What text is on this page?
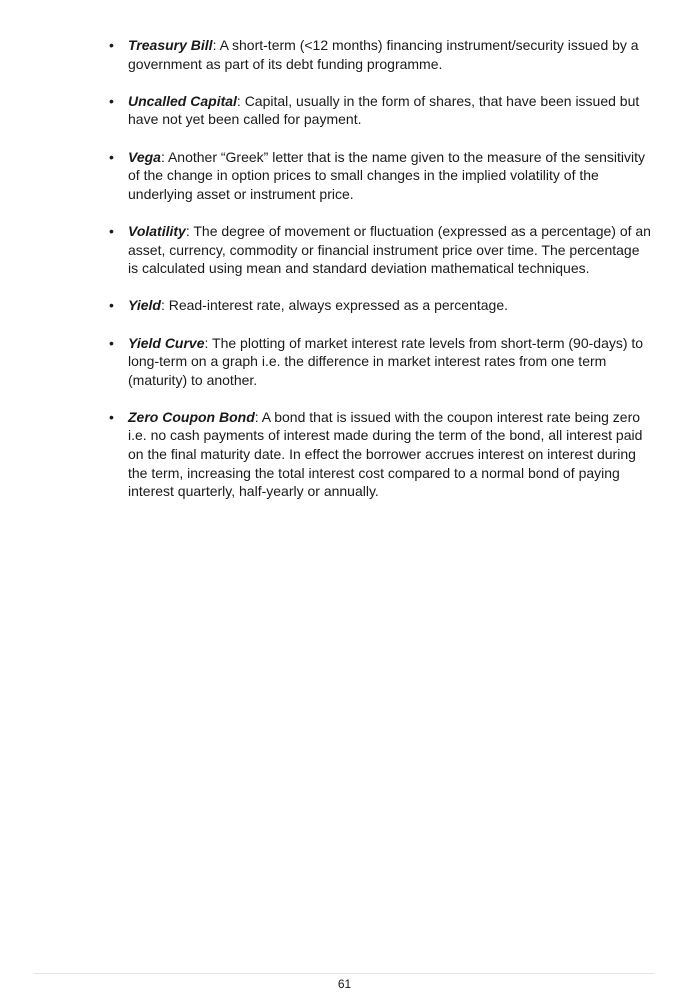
• Treasury Bill: A short-term (<12 months) financing instrument/security issued by a government as part of its debt funding programme.
• Uncalled Capital: Capital, usually in the form of shares, that have been issued but have not yet been called for payment.
• Vega: Another “Greek” letter that is the name given to the measure of the sensitivity of the change in option prices to small changes in the implied volatility of the underlying asset or instrument price.
• Volatility: The degree of movement or fluctuation (expressed as a percentage) of an asset, currency, commodity or financial instrument price over time. The percentage is calculated using mean and standard deviation mathematical techniques.
• Yield: Read-interest rate, always expressed as a percentage.
• Yield Curve: The plotting of market interest rate levels from short-term (90-days) to long-term on a graph i.e. the difference in market interest rates from one term (maturity) to another.
• Zero Coupon Bond: A bond that is issued with the coupon interest rate being zero i.e. no cash payments of interest made during the term of the bond, all interest paid on the final maturity date. In effect the borrower accrues interest on interest during the term, increasing the total interest cost compared to a normal bond of paying interest quarterly, half-yearly or annually.
61
